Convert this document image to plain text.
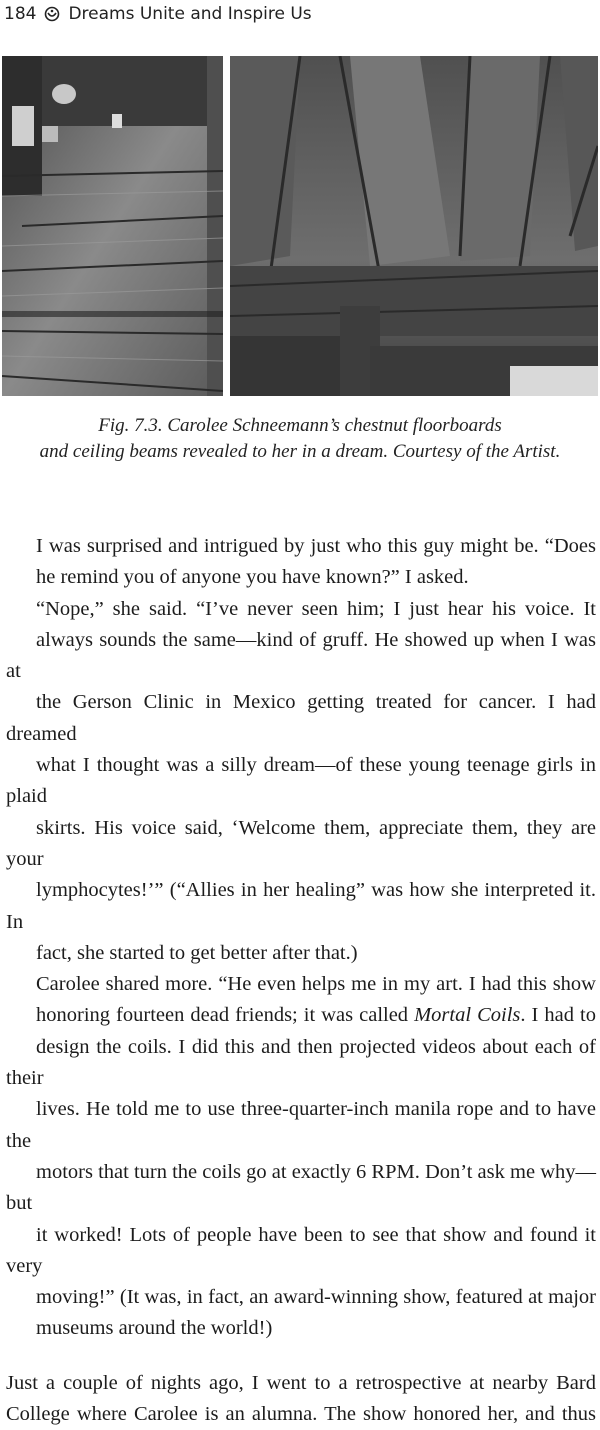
184 Dreams Unite and Inspire Us

Fig. 7.3. Carolee Schneemann’s chestnut floorboards

and ceiling beams revealed to her in a dream. Courtesy of the Artist.

I was surprised and intrigued by just who this guy might be. “Does
he remind you of anyone you have known?” I asked.

“Nope,” she said. “I’ve never seen him; I just hear his voice. It
always sounds the same—kind of gruff. He showed up when I was at
the Gerson Clinic in Mexico getting treated for cancer. I had dreamed
what I thought was a silly dream—of these young teenage girls in plaid
skirts. His voice said, ‘Welcome them, appreciate them, they are your
lymphocytes!’” (“Allies in her healing” was how she interpreted it. In
fact, she started to get better after that.)

Carolee shared more. “He even helps me in my art. I had this show
honoring fourteen dead friends; it was called Mortal Coils. I had to
design the coils. I did this and then projected videos about each of their
lives. He told me to use three-quarter-inch manila rope and to have the
motors that turn the coils go at exactly 6 RPM. Don’t ask me why—but
it worked! Lots of people have been to see that show and found it very
moving!” (It was, in fact, an award-winning show, featured at major
museums around the world!)

Just a couple of nights ago, I went to a retrospective at nearby Bard
College where Carolee is an alumna. The show honored her, and thus
